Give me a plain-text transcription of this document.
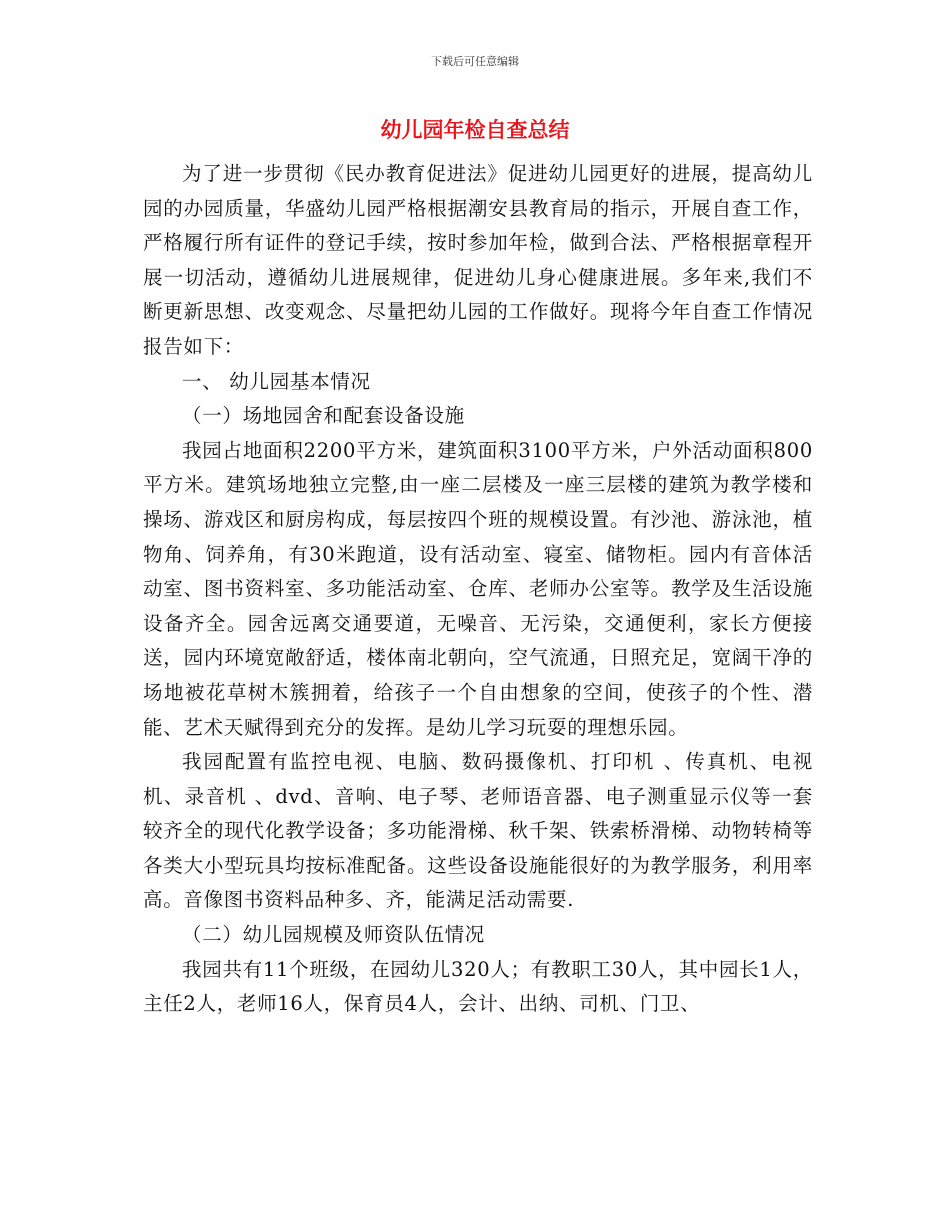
下载后可任意编辑
幼儿园年检自查总结

为了进一步贯彻《民办教育促进法》促进幼儿园更好的进展，提高幼儿园的办园质量，华盛幼儿园严格根据潮安县教育局的指示，开展自查工作，严格履行所有证件的登记手续，按时参加年检，做到合法、严格根据章程开展一切活动，遵循幼儿进展规律，促进幼儿身心健康进展。多年来,我们不断更新思想、改变观念、尽量把幼儿园的工作做好。现将今年自查工作情况报告如下：

一、 幼儿园基本情况

（一）场地园舍和配套设备设施

我园占地面积2200平方米，建筑面积3100平方米，户外活动面积800平方米。建筑场地独立完整,由一座二层楼及一座三层楼的建筑为教学楼和操场、游戏区和厨房构成，每层按四个班的规模设置。有沙池、游泳池，植物角、饲养角，有30米跑道，设有活动室、寝室、储物柜。园内有音体活动室、图书资料室、多功能活动室、仓库、老师办公室等。教学及生活设施设备齐全。园舍远离交通要道，无噪音、无污染，交通便利，家长方便接送，园内环境宽敞舒适，楼体南北朝向，空气流通，日照充足，宽阔干净的场地被花草树木簇拥着，给孩子一个自由想象的空间，使孩子的个性、潜能、艺术天赋得到充分的发挥。是幼儿学习玩耍的理想乐园。

我园配置有监控电视、电脑、数码摄像机、打印机 、传真机、电视机、录音机 、dvd、音响、电子琴、老师语音器、电子测重显示仪等一套较齐全的现代化教学设备；多功能滑梯、秋千架、铁索桥滑梯、动物转椅等各类大小型玩具均按标准配备。这些设备设施能很好的为教学服务，利用率高。音像图书资料品种多、齐，能满足活动需要.

（二）幼儿园规模及师资队伍情况

我园共有11个班级，在园幼儿320人；有教职工30人，其中园长1人，主任2人，老师16人，保育员4人，会计、出纳、司机、门卫、
